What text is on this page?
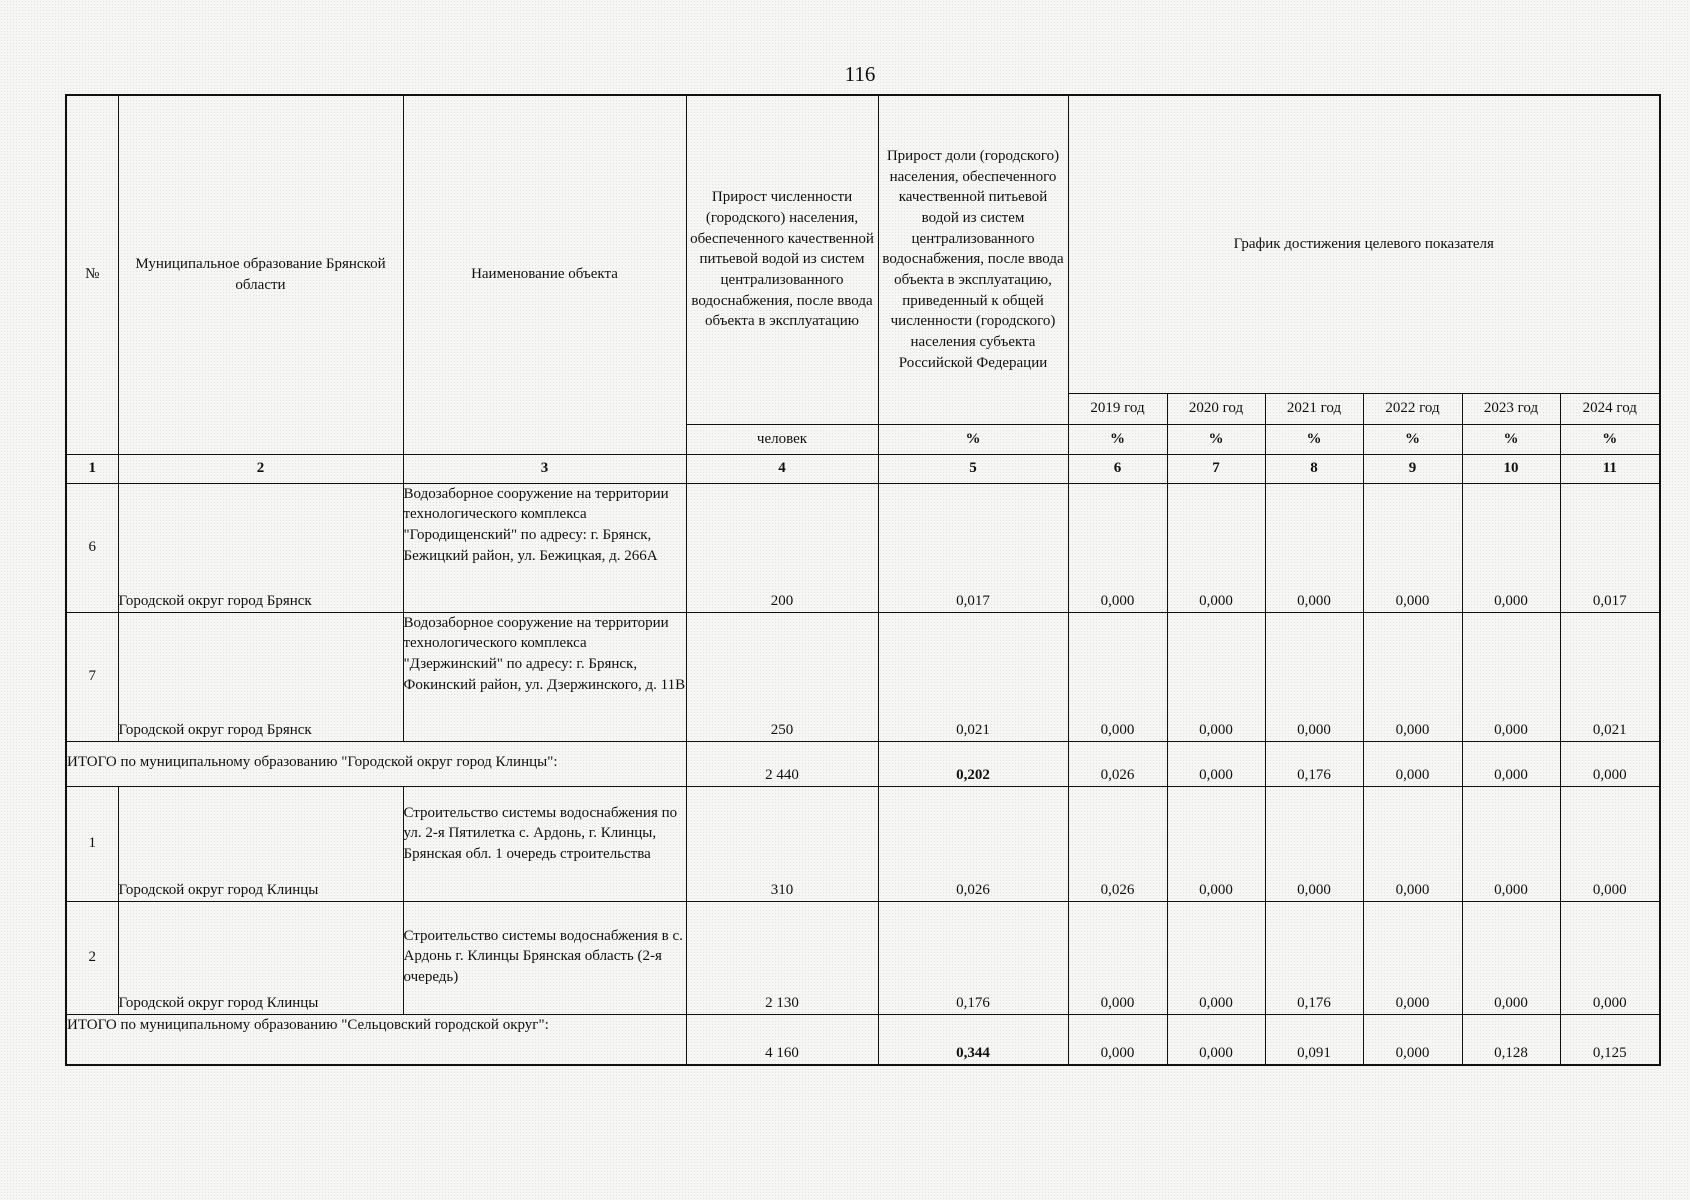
116
№	Муниципальное образование Брянской области	Наименование объекта	Прирост численности (городского) населения, обеспеченного качественной питьевой водой из систем централизованного водоснабжения, после ввода объекта в эксплуатацию	Прирост доли (городского) населения, обеспеченного качественной питьевой водой из систем централизованного водоснабжения, после ввода объекта в эксплуатацию, приведенный к общей численности (городского) населения субъекта Российской Федерации	График достижения целевого показателя					
					2019 год	2020 год	2021 год	2022 год	2023 год	2024 год
			человек	%	%	%	%	%	%	%
1	2	3	4	5	6	7	8	9	10	11
6	Городской округ город Брянск	Водозаборное сооружение на территории технологического комплекса "Городищенский" по адресу: г. Брянск, Бежицкий район, ул. Бежицкая, д. 266А	200	0,017	0,000	0,000	0,000	0,000	0,000	0,017
7	Городской округ город Брянск	Водозаборное сооружение на территории технологического комплекса "Дзержинский" по адресу: г. Брянск, Фокинский район, ул. Дзержинского, д. 11В	250	0,021	0,000	0,000	0,000	0,000	0,000	0,021
ИТОГО по муниципальному образованию "Городской округ город Клинцы":			2 440	0,202	0,026	0,000	0,176	0,000	0,000	0,000
1	Городской округ город Клинцы	Строительство системы водоснабжения по ул. 2-я Пятилетка с. Ардонь, г. Клинцы, Брянская обл. 1 очередь строительства	310	0,026	0,026	0,000	0,000	0,000	0,000	0,000
2	Городской округ город Клинцы	Строительство системы водоснабжения в с. Ардонь г. Клинцы Брянская область (2-я очередь)	2 130	0,176	0,000	0,000	0,176	0,000	0,000	0,000
ИТОГО по муниципальному образованию "Сельцовский городской округ":			4 160	0,344	0,000	0,000	0,091	0,000	0,128	0,125
